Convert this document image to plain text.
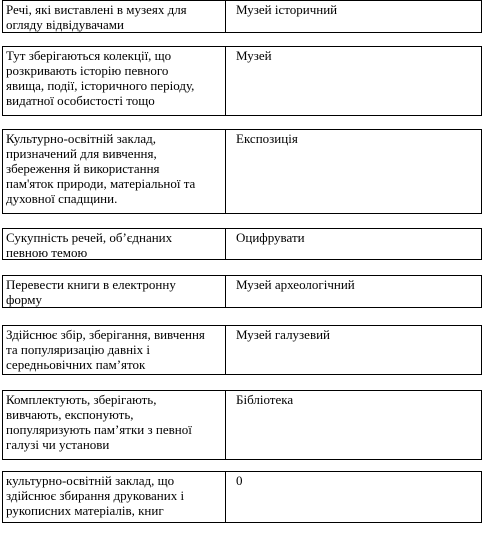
Речі, які виставлені в музеях для
огляду відвідувачами
Музей історичний
Тут зберігаються колекції, що
розкривають історію певного
явища, події, історичного періоду,
видатної особистості тощо
Музей
Культурно-освітній заклад,
призначений для вивчення,
збереження й використання
пам'яток природи, матеріальної та
духовної спадщини.
Експозиція
Сукупність речей, об’єднаних
певною темою
Оцифрувати
Перевести книги в електронну
форму
Музей археологічний
Здійснює збір, зберігання, вивчення
та популяризацію давніх і
середньовічних пам’яток
Музей галузевий
Комплектують, зберігають,
вивчають, експонують,
популяризують пам’ятки з певної
галузі чи установи
Бібліотека
культурно-освітній заклад, що
здійснює збирання друкованих і
рукописних матеріалів, книг
0
